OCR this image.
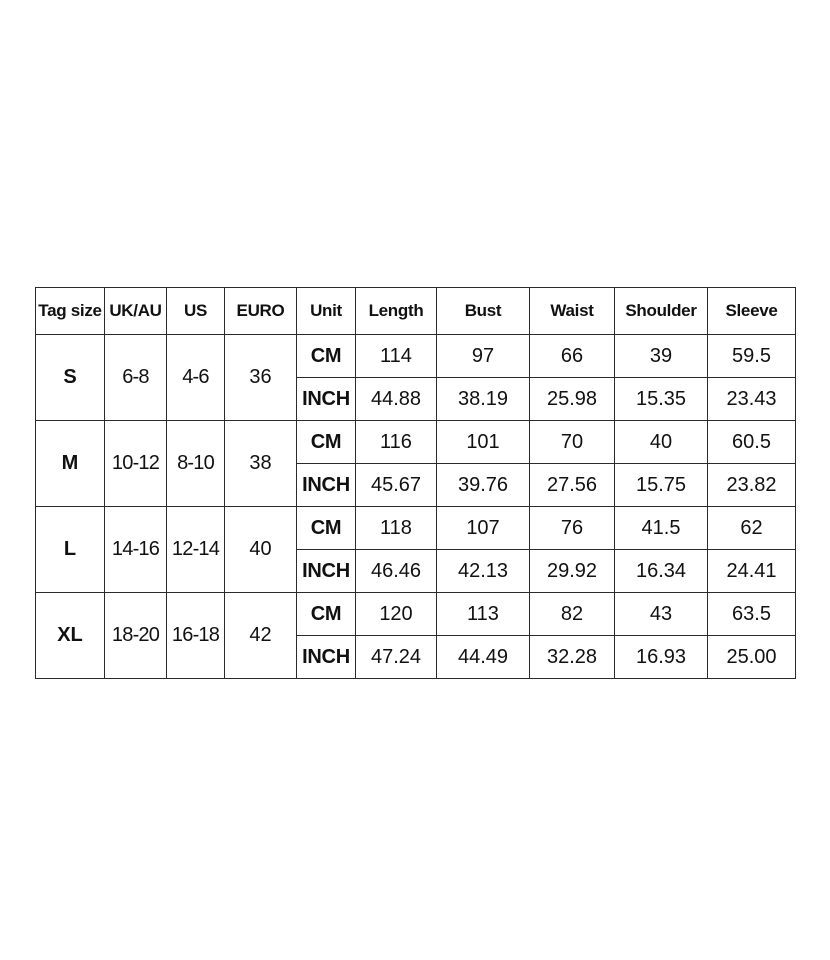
Tag size	UK/AU	US	EURO	Unit	Length	Bust	Waist	Shoulder	Sleeve
S	6-8	4-6	36	CM	114	97	66	39	59.5
				INCH	44.88	38.19	25.98	15.35	23.43
M	10-12	8-10	38	CM	116	101	70	40	60.5
				INCH	45.67	39.76	27.56	15.75	23.82
L	14-16	12-14	40	CM	118	107	76	41.5	62
				INCH	46.46	42.13	29.92	16.34	24.41
XL	18-20	16-18	42	CM	120	113	82	43	63.5
				INCH	47.24	44.49	32.28	16.93	25.00
